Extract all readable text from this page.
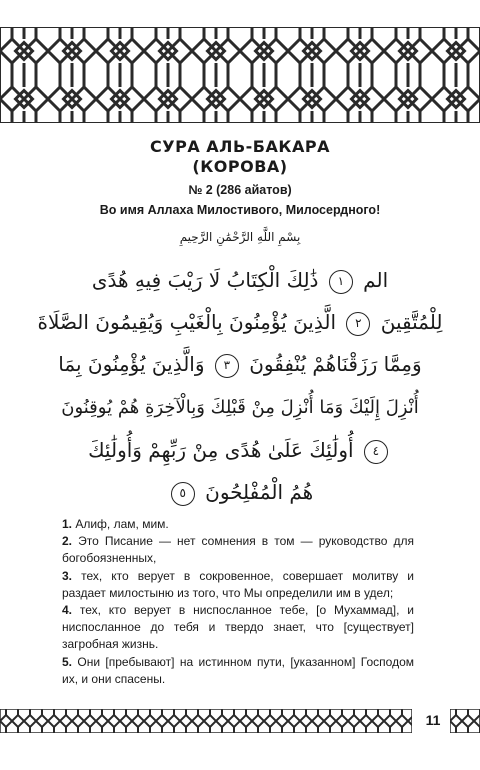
СУРА АЛЬ-БАКАРА
(КОРОВА)
№ 2 (286 айатов)
Во имя Аллаха Милостивого, Милосердного!
بِسْمِ اللَّهِ الرَّحْمَٰنِ الرَّحِيمِ
الم ١ ذَٰلِكَ الْكِتَابُ لَا رَيْبَ فِيهِ هُدًى
لِلْمُتَّقِينَ ٢ الَّذِينَ يُؤْمِنُونَ بِالْغَيْبِ وَيُقِيمُونَ الصَّلَاةَ
وَمِمَّا رَزَقْنَاهُمْ يُنْفِقُونَ ٣ وَالَّذِينَ يُؤْمِنُونَ بِمَا
أُنْزِلَ إِلَيْكَ وَمَا أُنْزِلَ مِنْ قَبْلِكَ وَبِالْآخِرَةِ هُمْ يُوقِنُونَ
٤ أُولَٰئِكَ عَلَىٰ هُدًى مِنْ رَبِّهِمْ وَأُولَٰئِكَ
هُمُ الْمُفْلِحُونَ ٥

1. Алиф, лам, мим.

2. Это Писание — нет сомнения в том — руководство для богобоязненных,

3. тех, кто верует в сокровенное, совершает молитву и раздает милостыню из того, что Мы определили им в удел;

4. тех, кто верует в ниспосланное тебе, [о Мухаммад], и ниспосланное до тебя и твердо знает, что [существует] загробная жизнь.

5. Они [пребывают] на истинном пути, [указанном] Господом их, и они спасены.

11
